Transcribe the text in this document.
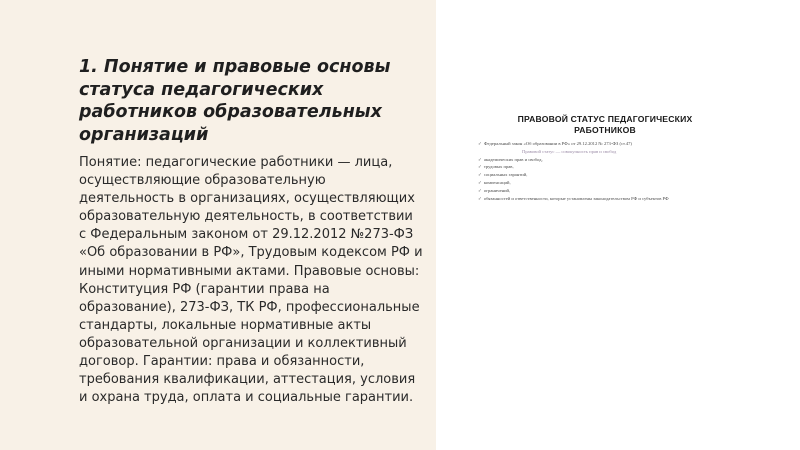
1. Понятие и правовые основы статуса педагогических работников образовательных организаций

Понятие: педагогические работники — лица, осуществляющие образовательную деятельность в организациях, осуществляющих образовательную деятельность, в соответствии с Федеральным законом от 29.12.2012 №273-ФЗ «Об образовании в РФ», Трудовым кодексом РФ и иными нормативными актами. Правовые основы: Конституция РФ (гарантии права на образование), 273-ФЗ, ТК РФ, профессиональные стандарты, локальные нормативные акты образовательной организации и коллективный договор. Гарантии: права и обязанности, требования квалификации, аттестация, условия и охрана труда, оплата и социальные гарантии.

ПРАВОВОЙ СТАТУС ПЕДАГОГИЧЕСКИХ РАБОТНИКОВ
✓ Федеральный закон «Об образовании в РФ» от 29.12.2012 № 273-ФЗ (ст.47)
Правовой статус — совокупность прав и свобод
✓ академических прав и свобод,
✓ трудовых прав,
✓ социальных гарантий,
✓ компенсаций,
✓ ограничений,
✓ обязанностей и ответственности, которые установлены законодательством РФ и субъектов РФ
